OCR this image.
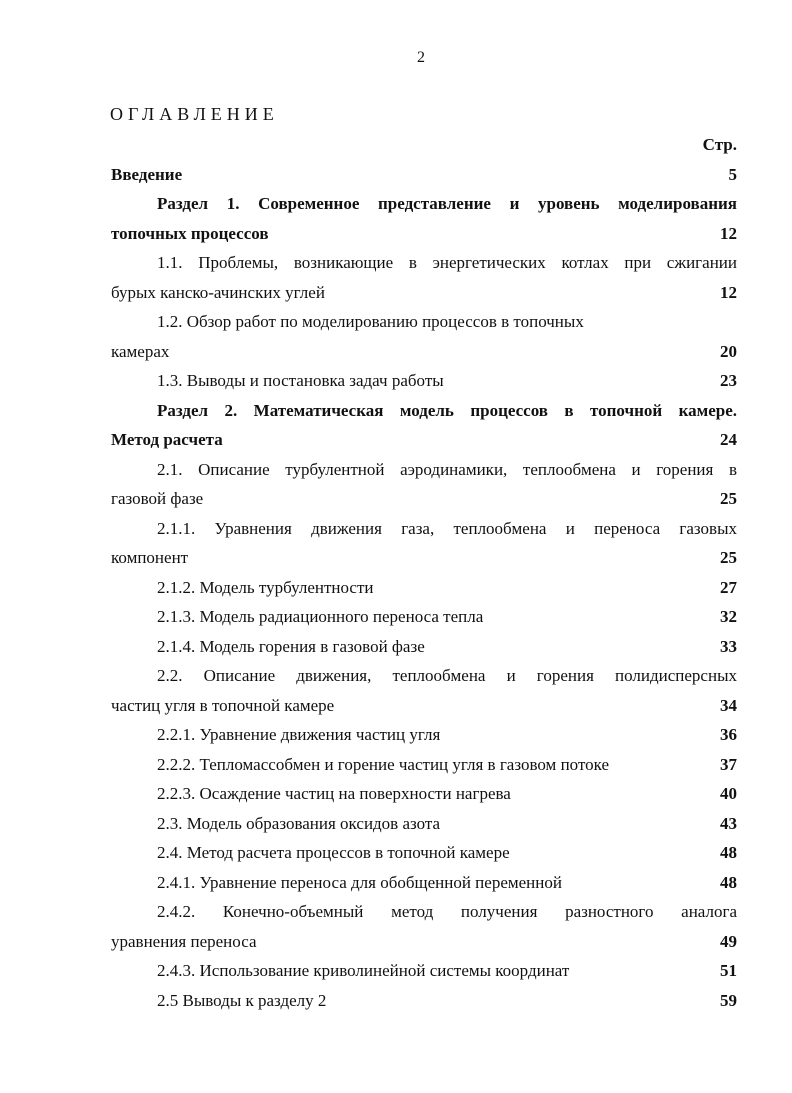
2
ОГЛАВЛЕНИЕ
Стр.
Введение	5
Раздел 1. Современное представление и уровень моделирования
топочных процессов	12
1.1. Проблемы, возникающие в энергетических котлах при сжигании
бурых канско-ачинских углей	12
1.2. Обзор работ по моделированию процессов в топочных
камерах	20
1.3. Выводы и постановка задач работы	23
Раздел 2. Математическая модель процессов в топочной камере.
Метод расчета	24
2.1. Описание турбулентной аэродинамики, теплообмена и горения в
газовой фазе	25
2.1.1. Уравнения движения газа, теплообмена и переноса газовых
компонент	25
2.1.2. Модель турбулентности	27
2.1.3. Модель радиационного переноса тепла	32
2.1.4. Модель горения в газовой фазе	33
2.2. Описание движения, теплообмена и горения полидисперсных
частиц угля в топочной камере	34
2.2.1. Уравнение движения частиц угля	36
2.2.2. Тепломассобмен и горение частиц угля в газовом потоке	37
2.2.3. Осаждение частиц на поверхности нагрева	40
2.3. Модель образования оксидов азота	43
2.4. Метод расчета процессов в топочной камере	48
2.4.1. Уравнение переноса для обобщенной переменной	48
2.4.2. Конечно-объемный метод получения разностного аналога
уравнения переноса	49
2.4.3. Использование криволинейной системы координат	51
2.5 Выводы к разделу 2	59
